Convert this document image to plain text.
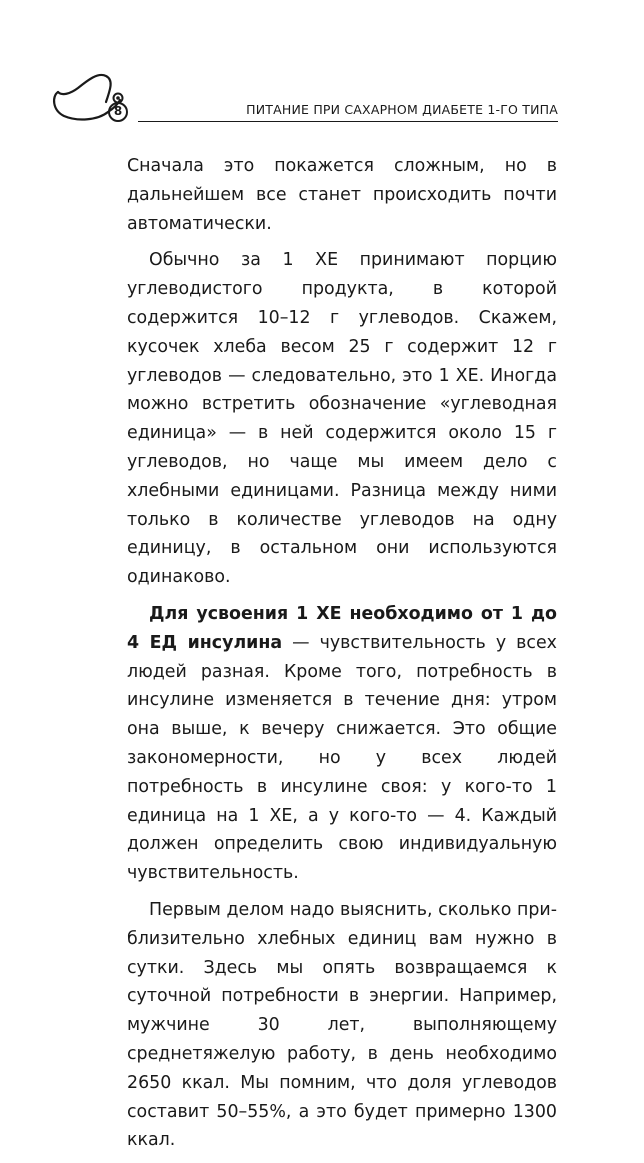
8	ПИТАНИЕ ПРИ САХАРНОМ ДИАБЕТЕ 1-ГО ТИПА

Сначала это покажется сложным, но в дальнейшем все станет происходить почти автоматически.

Обычно за 1 ХЕ принимают порцию углеводистого продукта, в которой содержится 10–12 г углеводов. Скажем, кусочек хлеба весом 25 г содержит 12 г углеводов — следовательно, это 1 ХЕ. Иногда можно встретить обозначение «углеводная единица» — в ней содержится около 15 г углеводов, но чаще мы имеем дело с хлебными единицами. Разница между ними только в количестве углеводов на одну единицу, в остальном они используются одинаково.

Для усвоения 1 ХЕ необходимо от 1 до 4 ЕД инсулина — чувствительность у всех людей разная. Кроме того, потребность в инсулине изменяется в течение дня: утром она выше, к вечеру снижается. Это общие закономерности, но у всех людей потребность в инсулине своя: у кого-то 1 единица на 1 ХЕ, а у кого-то — 4. Каждый должен определить свою индивидуальную чувствительность.

Первым делом надо выяснить, сколько приблизительно хлебных единиц вам нужно в сутки. Здесь мы опять возвращаемся к суточной потребности в энергии. Например, мужчине 30 лет, выполняющему среднетяжелую работу, в день необходимо 2650 ккал. Мы помним, что доля углеводов составит 50–55%, а это будет примерно 1300 ккал.
